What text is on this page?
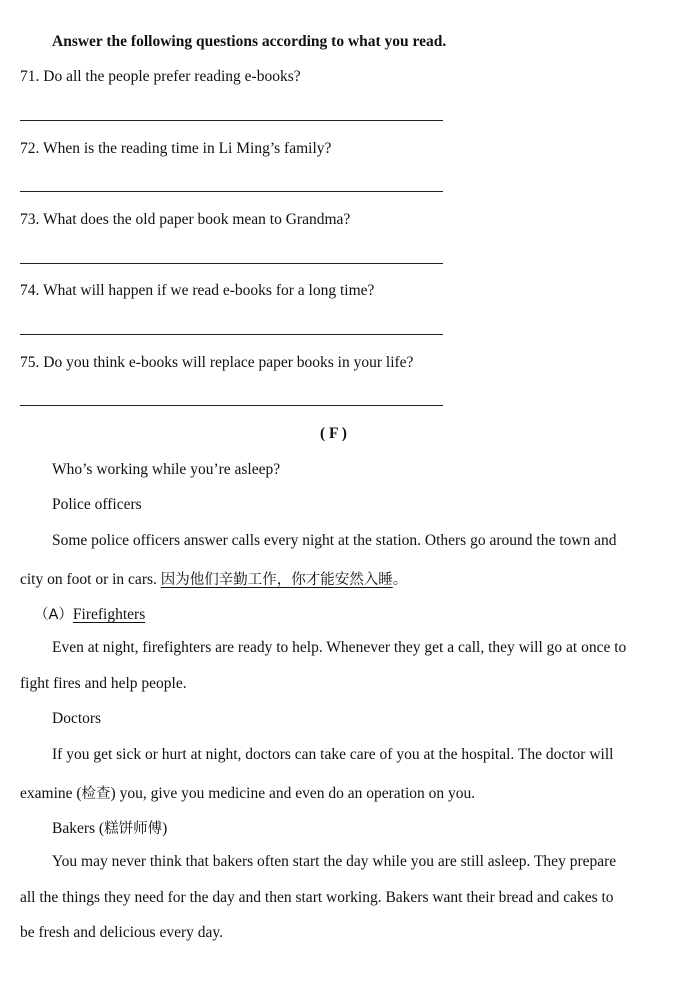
Answer the following questions according to what you read.
71. Do all the people prefer reading e-books?
72. When is the reading time in Li Ming’s family?
73. What does the old paper book mean to Grandma?
74. What will happen if we read e-books for a long time?
75. Do you think e-books will replace paper books in your life?
( F )
Who’s working while you’re asleep?
Police officers
Some police officers answer calls every night at the station. Others go around the town and
city on foot or in cars. 因为他们辛勤工作，你才能安然入睡。
（A）Firefighters
Even at night, firefighters are ready to help. Whenever they get a call, they will go at once to
fight fires and help people.
Doctors
If you get sick or hurt at night, doctors can take care of you at the hospital. The doctor will
examine (检查) you, give you medicine and even do an operation on you.
Bakers (糕饼师傅)
You may never think that bakers often start the day while you are still asleep. They prepare
all the things they need for the day and then start working. Bakers want their bread and cakes to
be fresh and delicious every day.
